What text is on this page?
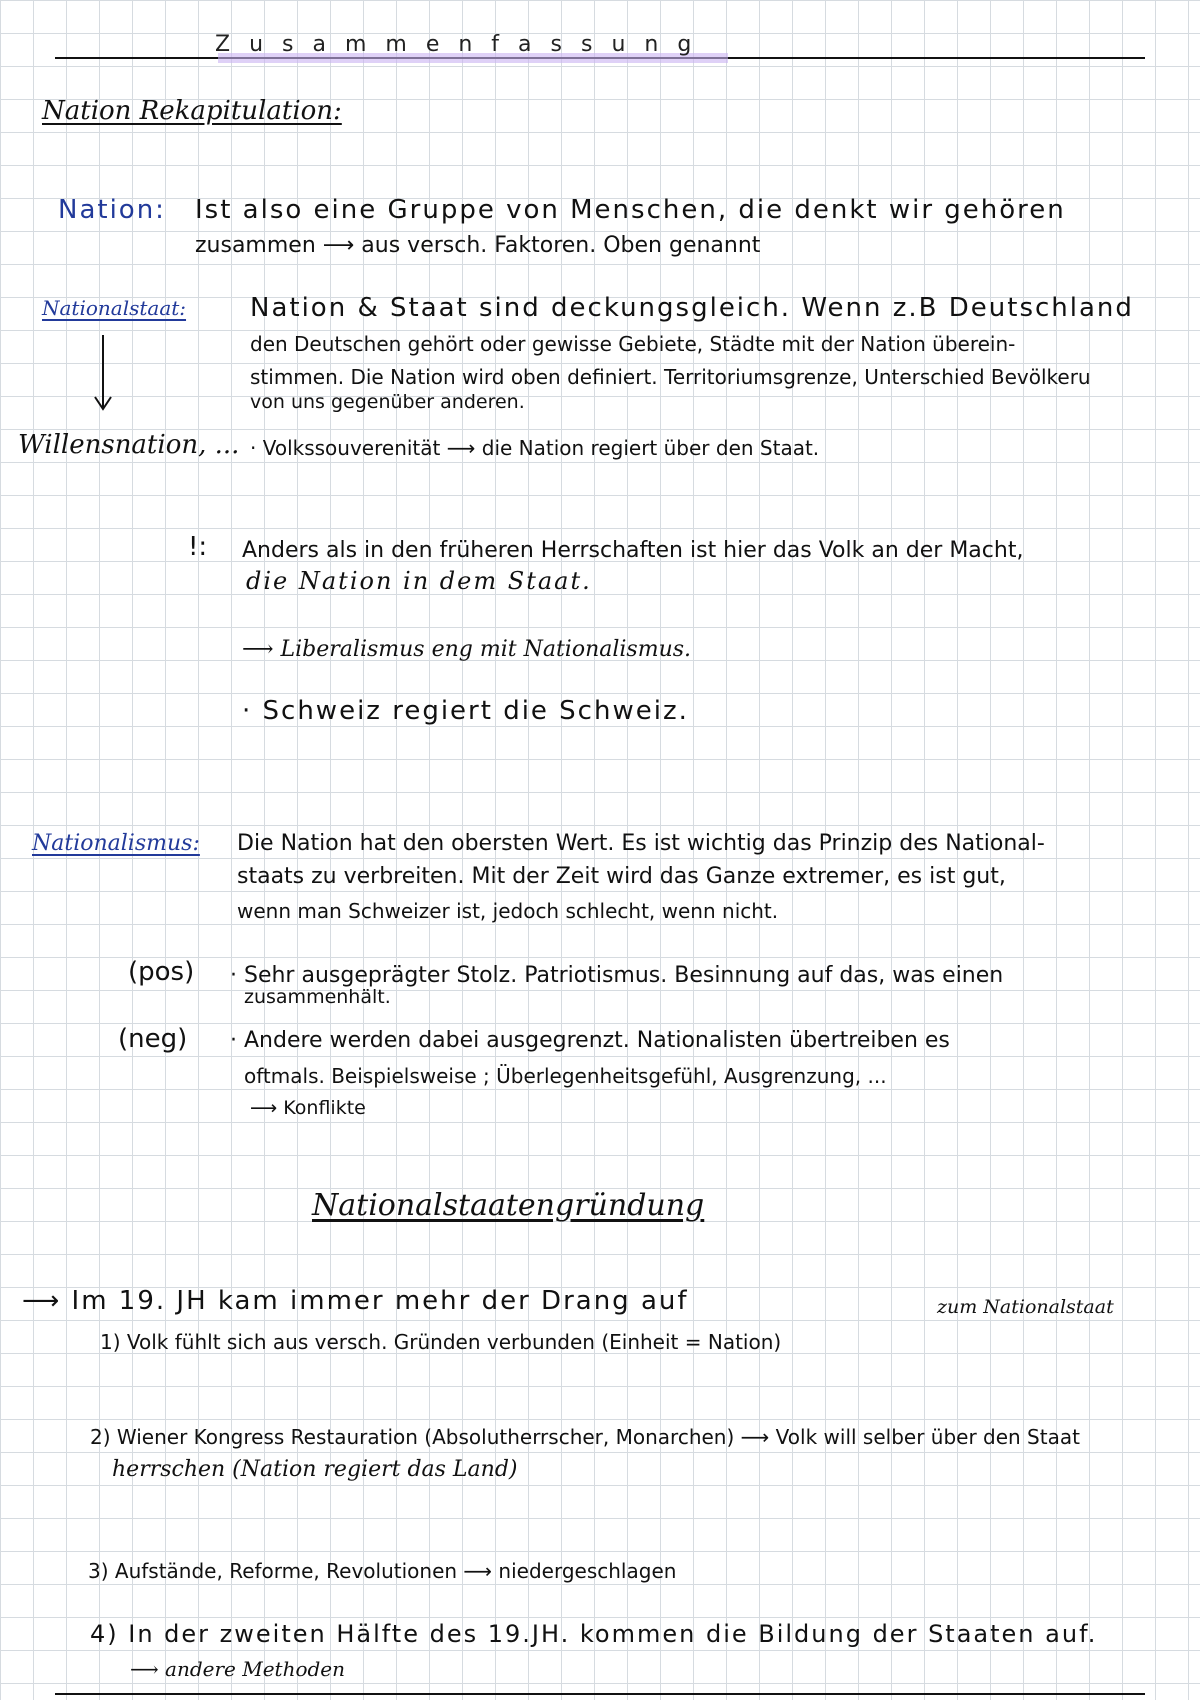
Zusammenfassung
Nation Rekapitulation:
Nation: Ist also eine Gruppe von Menschen, die denkt wir gehören
zusammen ⟶ aus versch. Faktoren. Oben genannt
Nationalstaat: Nation & Staat sind deckungsgleich. Wenn z.B Deutschland
den Deutschen gehört oder gewisse Gebiete, Städte mit der Nation überein-
stimmen. Die Nation wird oben definiert. Territoriumsgrenze, Unterschied Bevölkeru
von uns gegenüber anderen.
Willensnation, ... · Volkssouverenität ⟶ die Nation regiert über den Staat.
!: Anders als in den früheren Herrschaften ist hier das Volk an der Macht,
die Nation in dem Staat.
⟶ Liberalismus eng mit Nationalismus.
· Schweiz regiert die Schweiz.
Nationalismus: Die Nation hat den obersten Wert. Es ist wichtig das Prinzip des National-
staats zu verbreiten. Mit der Zeit wird das Ganze extremer, es ist gut,
wenn man Schweizer ist, jedoch schlecht, wenn nicht.
(pos) · Sehr ausgeprägter Stolz. Patriotismus. Besinnung auf das, was einen
zusammenhält.
(neg) · Andere werden dabei ausgegrenzt. Nationalisten übertreiben es
oftmals. Beispielsweise ; Überlegenheitsgefühl, Ausgrenzung, ...
⟶ Konflikte
Nationalstaatengründung
⟶ Im 19. JH kam immer mehr der Drang auf	zum Nationalstaat
1) Volk fühlt sich aus versch. Gründen verbunden (Einheit = Nation)
2) Wiener Kongress Restauration (Absolutherrscher, Monarchen) ⟶ Volk will selber über den Staat
herrschen (Nation regiert das Land)
3) Aufstände, Reforme, Revolutionen ⟶ niedergeschlagen
4) In der zweiten Hälfte des 19.JH. kommen die Bildung der Staaten auf.
⟶ andere Methoden
